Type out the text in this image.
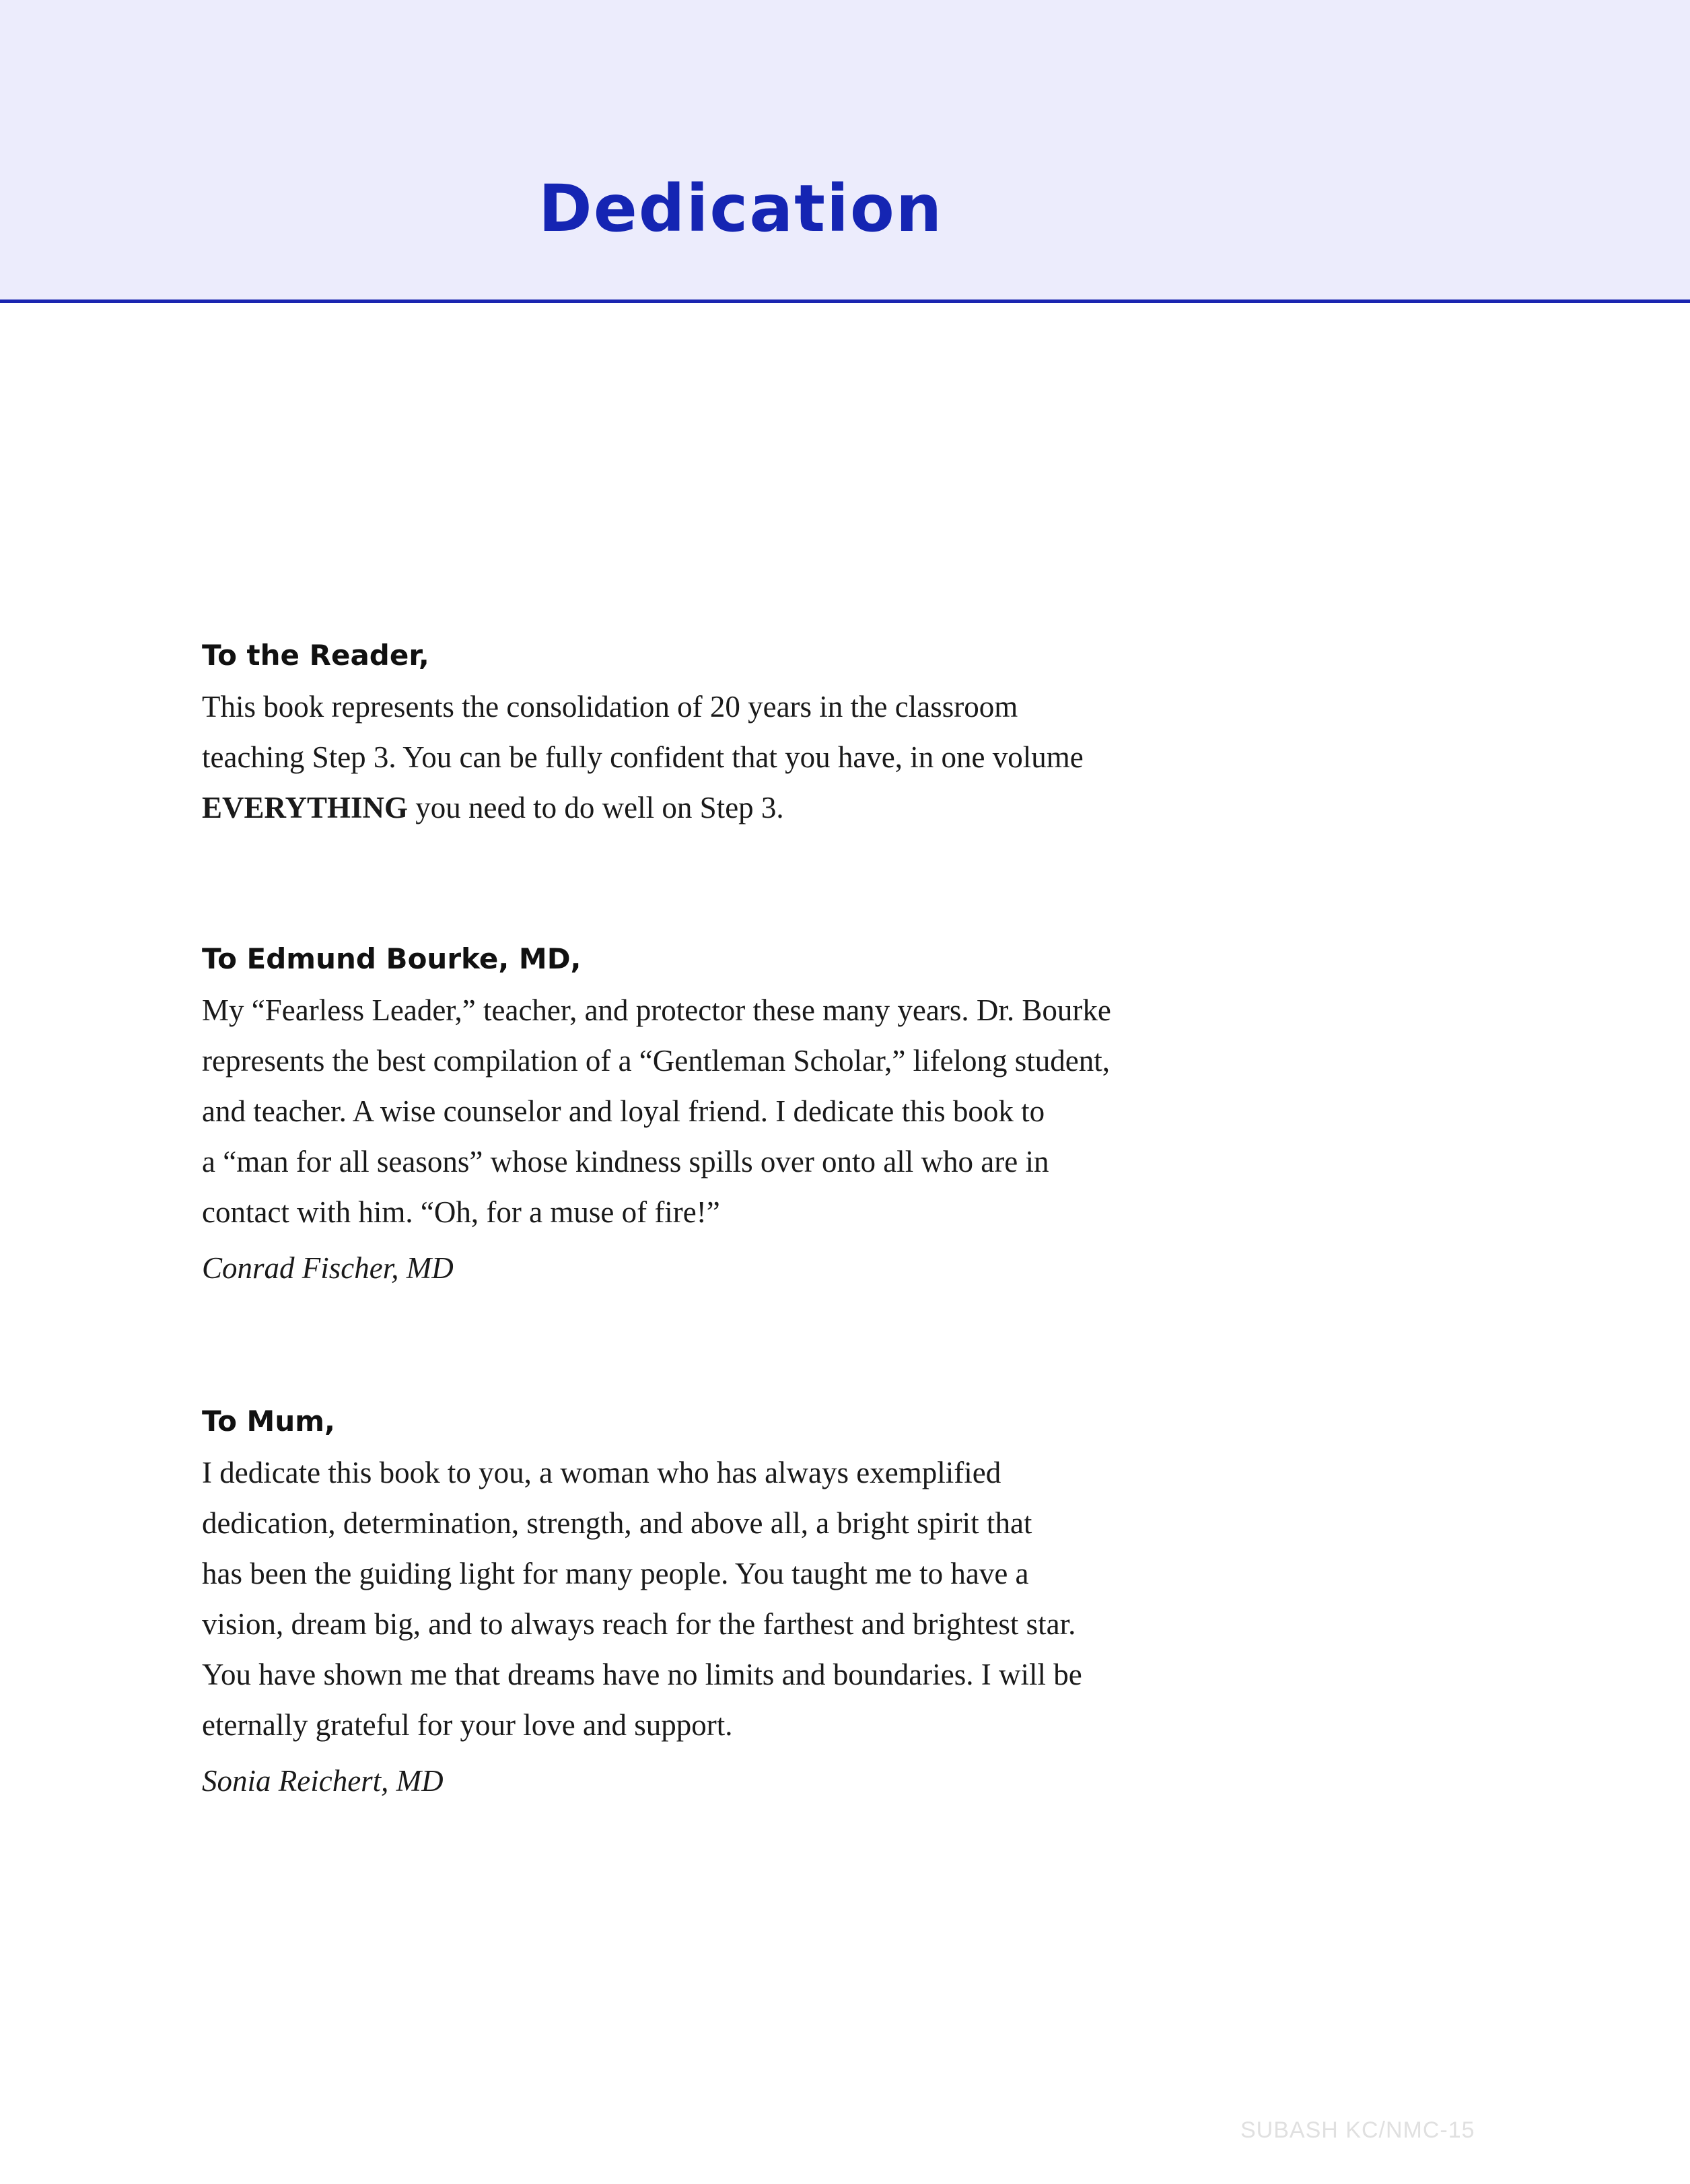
Dedication
To the Reader,

This book represents the consolidation of 20 years in the classroom
teaching Step 3. You can be fully confident that you have, in one volume
EVERYTHING you need to do well on Step 3.

To Edmund Bourke, MD,

My “Fearless Leader,” teacher, and protector these many years. Dr. Bourke
represents the best compilation of a “Gentleman Scholar,” lifelong student,
and teacher. A wise counselor and loyal friend. I dedicate this book to
a “man for all seasons” whose kindness spills over onto all who are in
contact with him. “Oh, for a muse of fire!”

Conrad Fischer, MD
To Mum,

I dedicate this book to you, a woman who has always exemplified
dedication, determination, strength, and above all, a bright spirit that
has been the guiding light for many people. You taught me to have a
vision, dream big, and to always reach for the farthest and brightest star.
You have shown me that dreams have no limits and boundaries. I will be
eternally grateful for your love and support.

Sonia Reichert, MD
SUBASH KC/NMC-15
